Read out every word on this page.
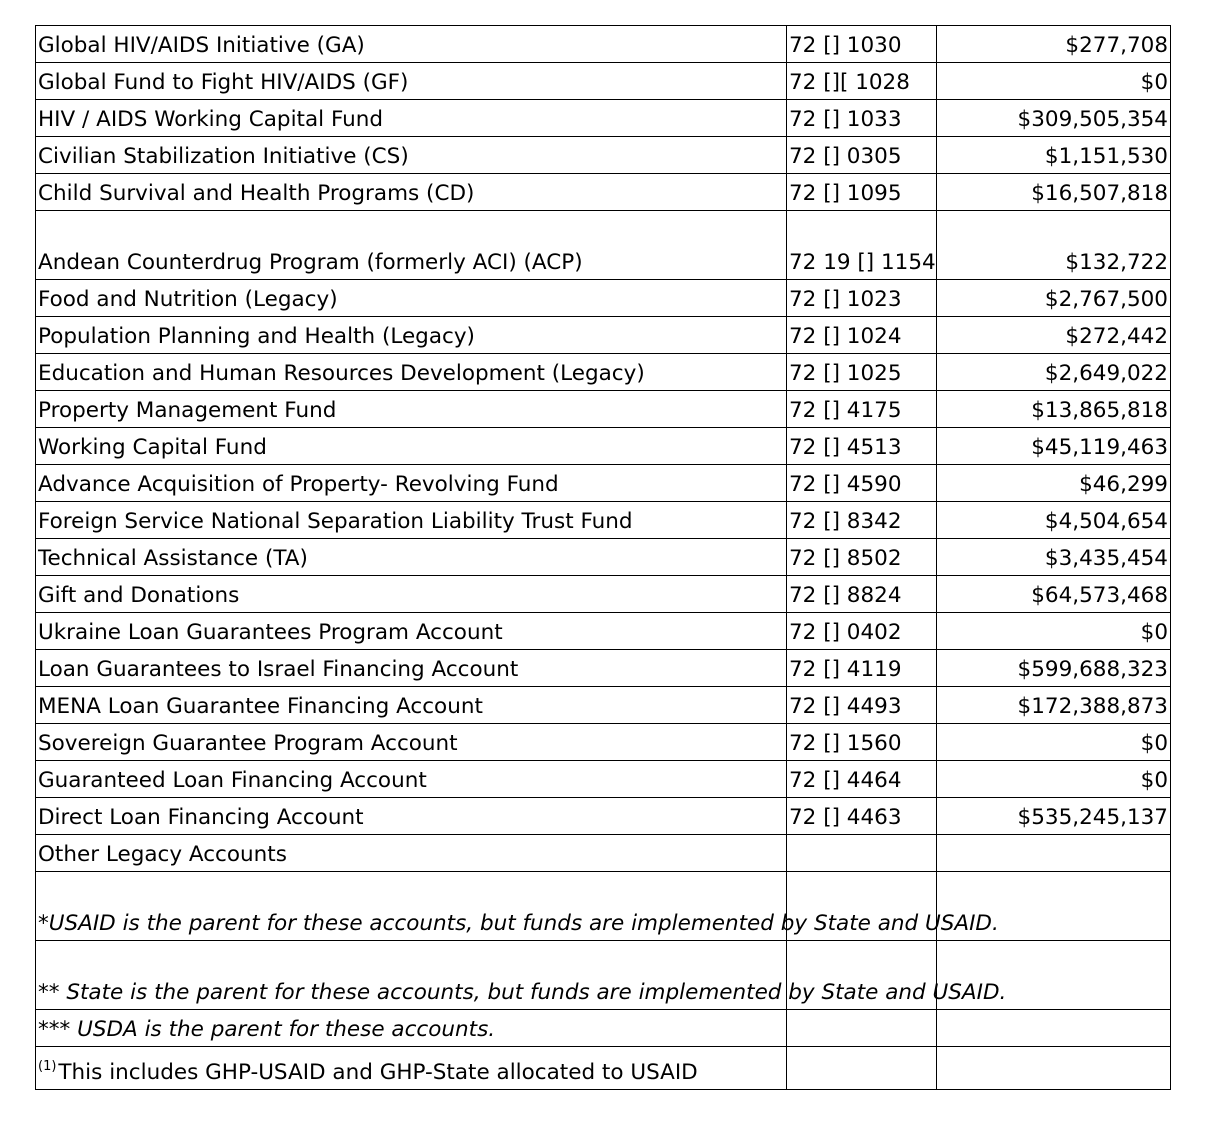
Global HIV/AIDS Initiative (GA)	72 [] 1030	$277,708
Global Fund to Fight HIV/AIDS (GF)	72 [][ 1028	$0
HIV / AIDS Working Capital Fund	72 [] 1033	$309,505,354
Civilian Stabilization Initiative (CS)	72 [] 0305	$1,151,530
Child Survival and Health Programs (CD)	72 [] 1095	$16,507,818
Andean Counterdrug Program (formerly ACI) (ACP)	72 19 [] 1154	$132,722
Food and Nutrition (Legacy)	72 [] 1023	$2,767,500
Population Planning and Health (Legacy)	72 [] 1024	$272,442
Education and Human Resources Development (Legacy)	72 [] 1025	$2,649,022
Property Management Fund	72 [] 4175	$13,865,818
Working Capital Fund	72 [] 4513	$45,119,463
Advance Acquisition of Property- Revolving Fund	72 [] 4590	$46,299
Foreign Service National Separation Liability Trust Fund	72 [] 8342	$4,504,654
Technical Assistance (TA)	72 [] 8502	$3,435,454
Gift and Donations	72 [] 8824	$64,573,468
Ukraine Loan Guarantees Program Account	72 [] 0402	$0
Loan Guarantees to Israel Financing Account	72 [] 4119	$599,688,323
MENA Loan Guarantee Financing Account	72 [] 4493	$172,388,873
Sovereign Guarantee Program Account	72 [] 1560	$0
Guaranteed Loan Financing Account	72 [] 4464	$0
Direct Loan Financing Account	72 [] 4463	$535,245,137
Other Legacy Accounts		
*USAID is the parent for these accounts, but funds are implemented by State and USAID.		
** State is the parent for these accounts, but funds are implemented by State and USAID.		
*** USDA is the parent for these accounts.		
$^{(1)}$This includes GHP-USAID and GHP-State allocated to USAID		
